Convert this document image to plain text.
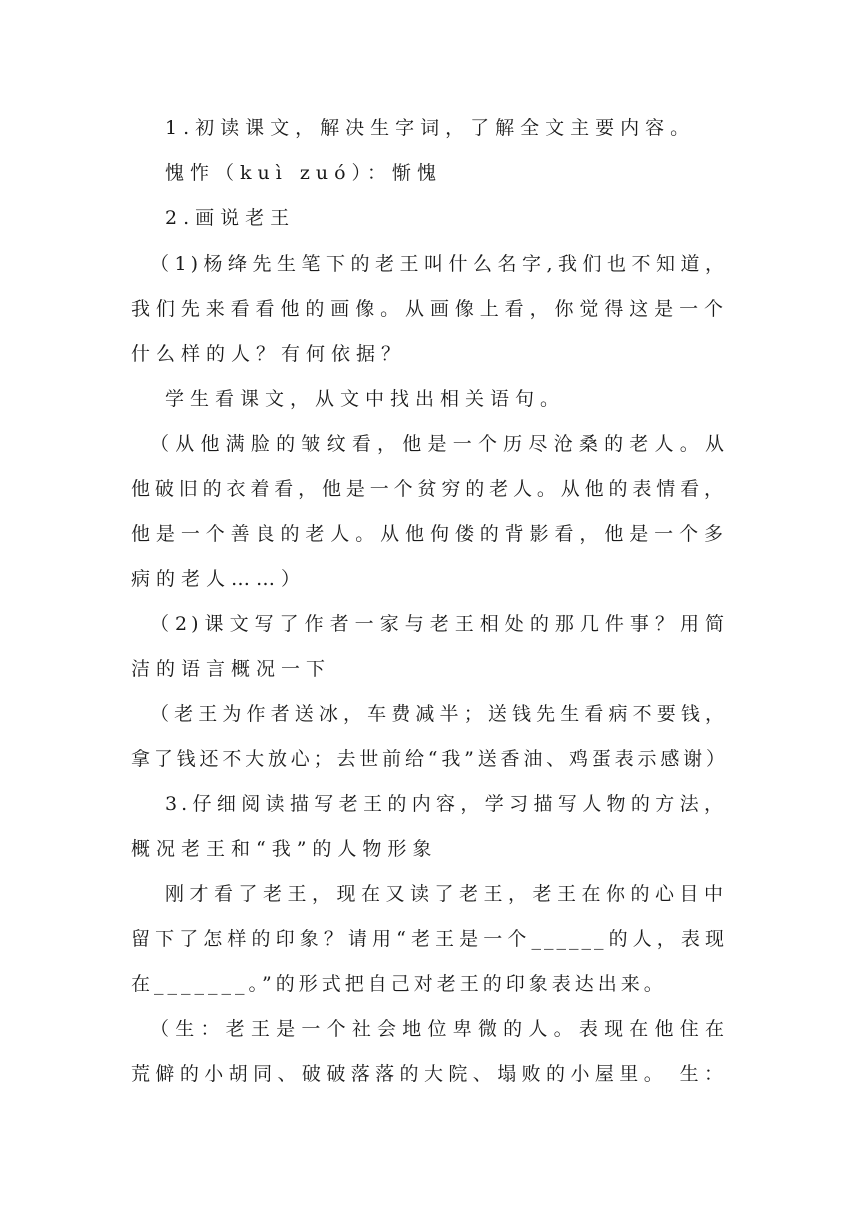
1.初读课文，解决生字词，了解全文主要内容。
愧怍（kuì zuó）：惭愧
2.画说老王
（1)杨绛先生笔下的老王叫什么名字,我们也不知道，
我们先来看看他的画像。从画像上看，你觉得这是一个
什么样的人？有何依据？
学生看课文，从文中找出相关语句。
（从他满脸的皱纹看，他是一个历尽沧桑的老人。从
他破旧的衣着看，他是一个贫穷的老人。从他的表情看，
他是一个善良的老人。从他佝偻的背影看，他是一个多
病的老人……）
（2)课文写了作者一家与老王相处的那几件事？用简
洁的语言概况一下
（老王为作者送冰，车费减半；送钱先生看病不要钱，
拿了钱还不大放心；去世前给“我”送香油、鸡蛋表示感谢）
3.仔细阅读描写老王的内容，学习描写人物的方法，
概况老王和“我”的人物形象
刚才看了老王，现在又读了老王，老王在你的心目中
留下了怎样的印象？请用“老王是一个______的人，表现
在_______。”的形式把自己对老王的印象表达出来。
（生：老王是一个社会地位卑微的人。表现在他住在
荒僻的小胡同、破破落落的大院、塌败的小屋里。 生：
